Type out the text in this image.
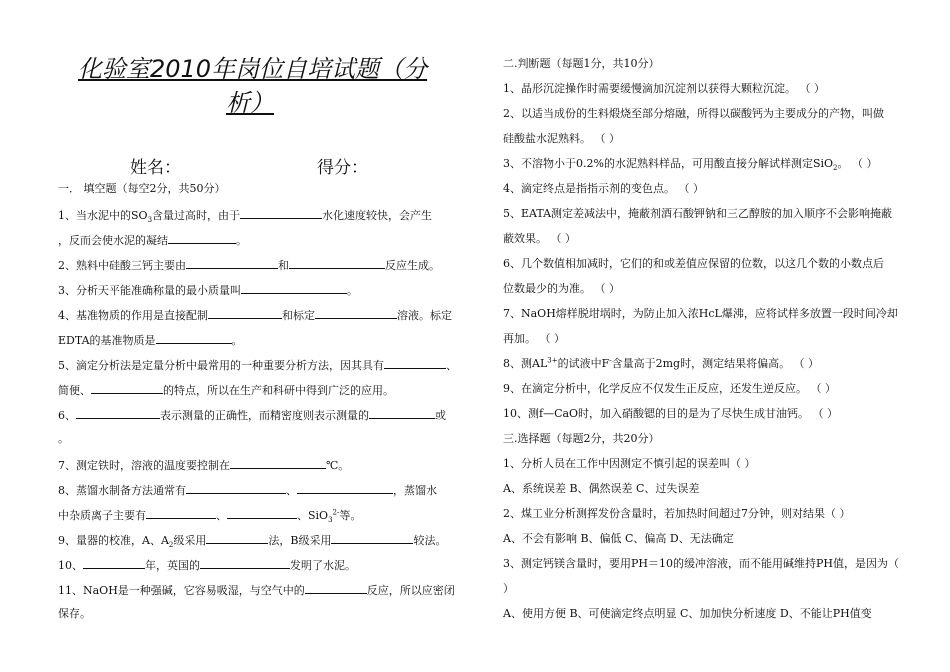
化验室2010年岗位自培试题（分
析）
姓名：	得分：
一． 填空题（每空2分，共50分）
1、当水泥中的$SO_3$含量过高时，由于	水化速度较快，会产生
，反而会使水泥的凝结	。
2、熟料中硅酸三钙主要由	和	反应生成。
3、分析天平能准确称量的最小质量叫	。
4、基准物质的作用是直接配制	和标定	溶液。标定
EDTA的基准物质是	。
5、滴定分析法是定量分析中最常用的一种重要分析方法，因其具有	、
简便、	的特点，所以在生产和科研中得到广泛的应用。
6、	表示测量的正确性，而精密度则表示测量的	或
。
7、测定铁时，溶液的温度要控制在	℃。
8、蒸馏水制备方法通常有	、	，蒸馏水
中杂质离子主要有	、	、SiO$_3^{2-}$等。
9、量器的校准，A、$A_2$级采用	法，B级采用	较法。
10、	年，英国的	发明了水泥。
11、NaOH是一种强碱，它容易吸湿，与空气中的	反应，所以应密闭
保存。
二.判断题（每题1分，共10分）
1、晶形沉淀操作时需要缓慢滴加沉淀剂以获得大颗粒沉淀。 （ ）
2、以适当成份的生料煅烧至部分熔融，所得以碳酸钙为主要成分的产物，叫做
硅酸盐水泥熟料。 （ ）
3、不溶物小于0.2%的水泥熟料样品，可用酸直接分解试样测定SiO$_2$。 （ ）
4、滴定终点是指指示剂的变色点。 （ ）
5、EATA测定差减法中，掩蔽剂酒石酸钾钠和三乙醇胺的加入顺序不会影响掩蔽
蔽效果。 （ ）
6、几个数值相加减时，它们的和或差值应保留的位数，以这几个数的小数点后
位数最少的为准。 （ ）
7、NaOH熔样脱坩埚时，为防止加入浓HcL爆沸，应将试样多放置一段时间冷却
再加。 （ ）
8、测$AL^{3+}$的试液中F-含量高于2mg时，测定结果将偏高。 （ ）
9、在滴定分析中，化学反应不仅发生正反应，还发生逆反应。 （ ）
10、测f—CaO时，加入硝酸锶的目的是为了尽快生成甘油钙。 （ ）
三.选择题（每题2分，共20分）
1、分析人员在工作中因测定不慎引起的误差叫（ ）
A、系统误差 B、偶然误差 C、过失误差
2、煤工业分析测挥发份含量时，若加热时间超过7分钟，则对结果（ ）
A、不会有影响 B、偏低 C、偏高 D、无法确定
3、测定钙镁含量时，要用PH＝10的缓冲溶液，而不能用碱维持PH值，是因为（
）
A、使用方便 B、可使滴定终点明显 C、加加快分析速度 D、不能让PH值变
